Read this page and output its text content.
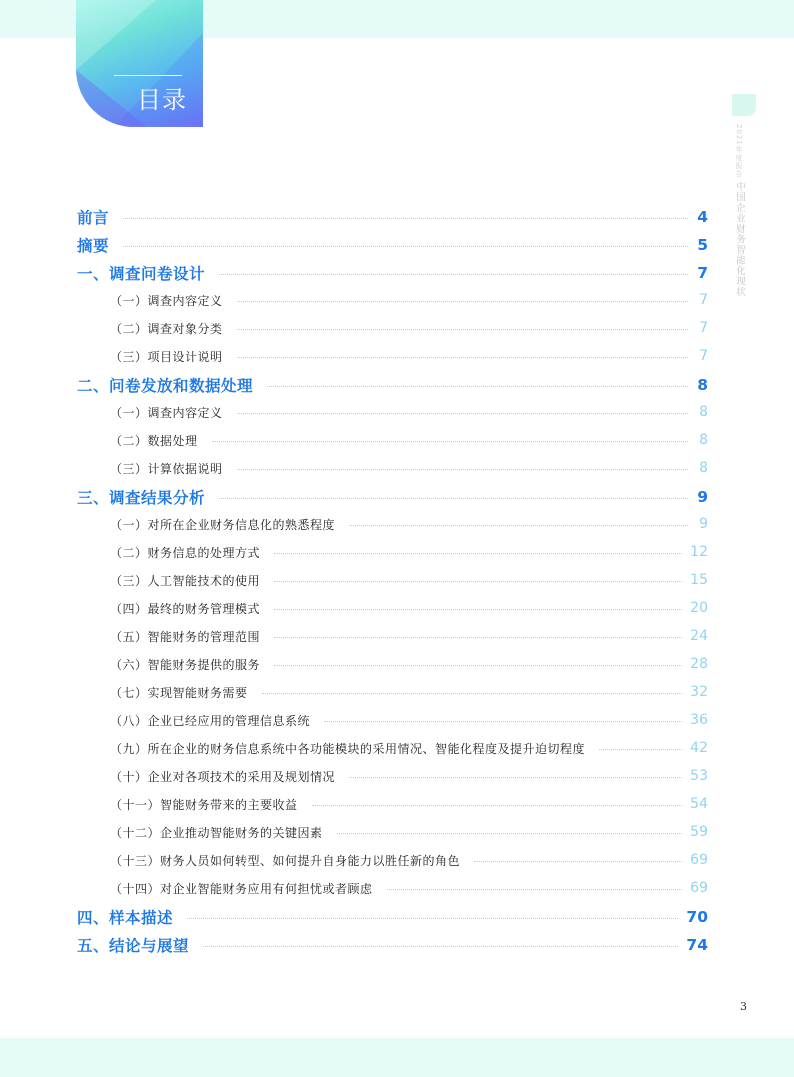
目录
2021年度报告 中国企业财务智能化现状
前言	4
摘要	5
一、调查问卷设计	7
（一）调查内容定义	7
（二）调查对象分类	7
（三）项目设计说明	7
二、问卷发放和数据处理	8
（一）调查内容定义	8
（二）数据处理	8
（三）计算依据说明	8
三、调查结果分析	9
（一）对所在企业财务信息化的熟悉程度	9
（二）财务信息的处理方式	12
（三）人工智能技术的使用	15
（四）最终的财务管理模式	20
（五）智能财务的管理范围	24
（六）智能财务提供的服务	28
（七）实现智能财务需要	32
（八）企业已经应用的管理信息系统	36
（九）所在企业的财务信息系统中各功能模块的采用情况、智能化程度及提升迫切程度	42
（十）企业对各项技术的采用及规划情况	53
（十一）智能财务带来的主要收益	54
（十二）企业推动智能财务的关键因素	59
（十三）财务人员如何转型、如何提升自身能力以胜任新的角色	69
（十四）对企业智能财务应用有何担忧或者顾虑	69
四、样本描述	70
五、结论与展望	74
3
